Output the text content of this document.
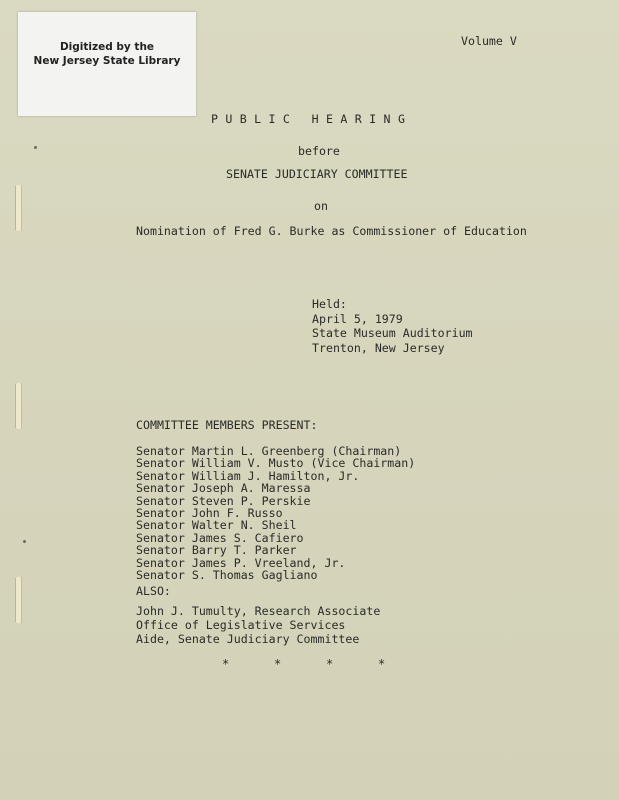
Digitized by the
New Jersey State Library
Volume V
PUBLIC HEARING
before
SENATE JUDICIARY COMMITTEE
on
Nomination of Fred G. Burke as Commissioner of Education
Held:
April 5, 1979
State Museum Auditorium
Trenton, New Jersey
COMMITTEE MEMBERS PRESENT:
Senator Martin L. Greenberg (Chairman)
Senator William V. Musto (Vice Chairman)
Senator William J. Hamilton, Jr.
Senator Joseph A. Maressa
Senator Steven P. Perskie
Senator John F. Russo
Senator Walter N. Sheil
Senator James S. Cafiero
Senator Barry T. Parker
Senator James P. Vreeland, Jr.
Senator S. Thomas Gagliano
ALSO:
John J. Tumulty, Research Associate
Office of Legislative Services
Aide, Senate Judiciary Committee
*	*	*	*
